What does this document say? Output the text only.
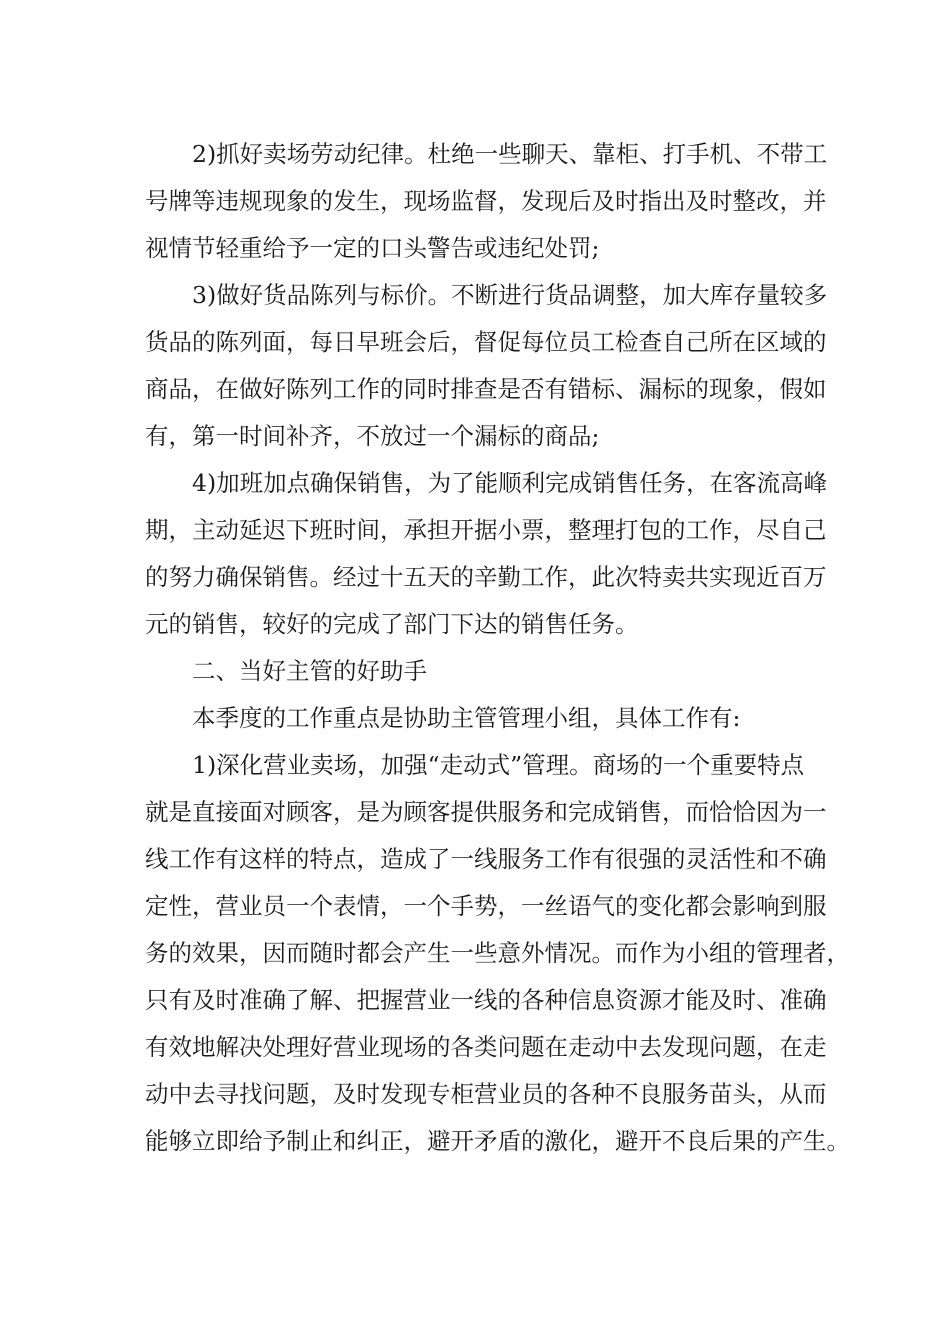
2)抓好卖场劳动纪律。杜绝一些聊天、靠柜、打手机、不带工

号牌等违规现象的发生，现场监督，发现后及时指出及时整改，并

视情节轻重给予一定的口头警告或违纪处罚;

3)做好货品陈列与标价。不断进行货品调整，加大库存量较多

货品的陈列面，每日早班会后，督促每位员工检查自己所在区域的

商品，在做好陈列工作的同时排查是否有错标、漏标的现象，假如

有，第一时间补齐，不放过一个漏标的商品;

4)加班加点确保销售，为了能顺利完成销售任务，在客流高峰

期，主动延迟下班时间，承担开据小票，整理打包的工作，尽自己

的努力确保销售。经过十五天的辛勤工作，此次特卖共实现近百万

元的销售，较好的完成了部门下达的销售任务。

二、当好主管的好助手

本季度的工作重点是协助主管管理小组，具体工作有:

1)深化营业卖场，加强“走动式”管理。商场的一个重要特点

就是直接面对顾客，是为顾客提供服务和完成销售，而恰恰因为一

线工作有这样的特点，造成了一线服务工作有很强的灵活性和不确

定性，营业员一个表情，一个手势，一丝语气的变化都会影响到服

务的效果，因而随时都会产生一些意外情况。而作为小组的管理者，

只有及时准确了解、把握营业一线的各种信息资源才能及时、准确

有效地解决处理好营业现场的各类问题在走动中去发现问题，在走

动中去寻找问题，及时发现专柜营业员的各种不良服务苗头，从而

能够立即给予制止和纠正，避开矛盾的激化，避开不良后果的产生。
